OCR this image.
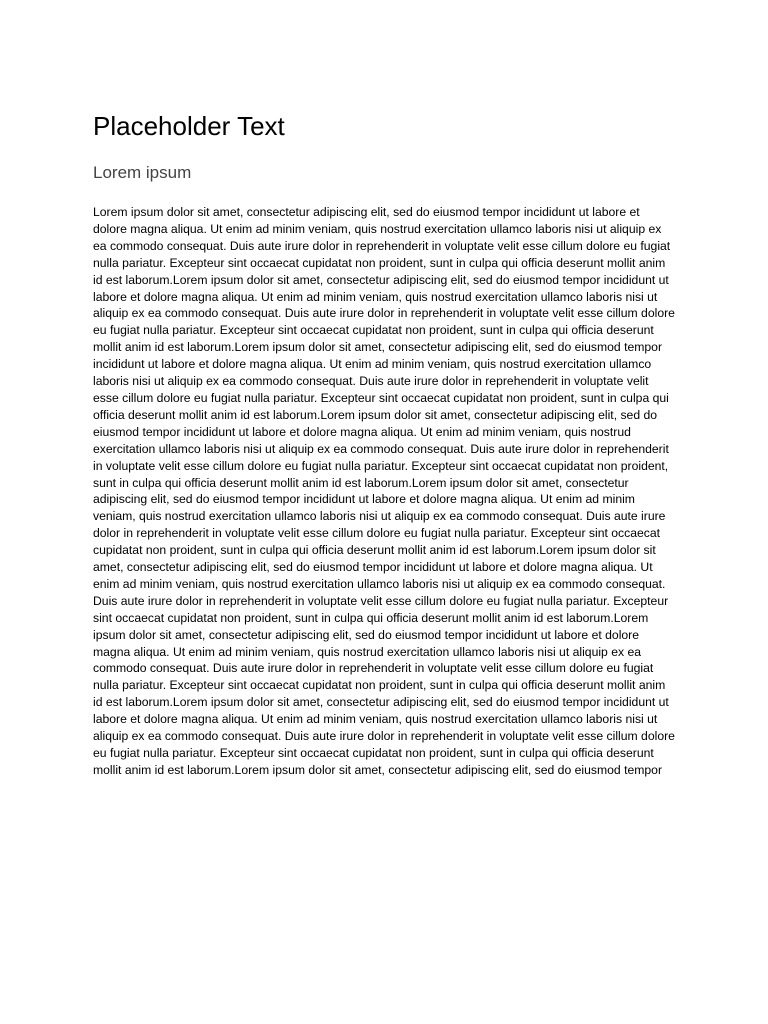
Placeholder Text
Lorem ipsum

Lorem ipsum dolor sit amet, consectetur adipiscing elit, sed do eiusmod tempor incididunt ut labore et dolore magna aliqua. Ut enim ad minim veniam, quis nostrud exercitation ullamco laboris nisi ut aliquip ex ea commodo consequat. Duis aute irure dolor in reprehenderit in voluptate velit esse cillum dolore eu fugiat nulla pariatur. Excepteur sint occaecat cupidatat non proident, sunt in culpa qui officia deserunt mollit anim id est laborum.Lorem ipsum dolor sit amet, consectetur adipiscing elit, sed do eiusmod tempor incididunt ut labore et dolore magna aliqua. Ut enim ad minim veniam, quis nostrud exercitation ullamco laboris nisi ut aliquip ex ea commodo consequat. Duis aute irure dolor in reprehenderit in voluptate velit esse cillum dolore eu fugiat nulla pariatur. Excepteur sint occaecat cupidatat non proident, sunt in culpa qui officia deserunt mollit anim id est laborum.Lorem ipsum dolor sit amet, consectetur adipiscing elit, sed do eiusmod tempor incididunt ut labore et dolore magna aliqua. Ut enim ad minim veniam, quis nostrud exercitation ullamco laboris nisi ut aliquip ex ea commodo consequat. Duis aute irure dolor in reprehenderit in voluptate velit esse cillum dolore eu fugiat nulla pariatur. Excepteur sint occaecat cupidatat non proident, sunt in culpa qui officia deserunt mollit anim id est laborum.Lorem ipsum dolor sit amet, consectetur adipiscing elit, sed do eiusmod tempor incididunt ut labore et dolore magna aliqua. Ut enim ad minim veniam, quis nostrud exercitation ullamco laboris nisi ut aliquip ex ea commodo consequat. Duis aute irure dolor in reprehenderit in voluptate velit esse cillum dolore eu fugiat nulla pariatur. Excepteur sint occaecat cupidatat non proident, sunt in culpa qui officia deserunt mollit anim id est laborum.Lorem ipsum dolor sit amet, consectetur adipiscing elit, sed do eiusmod tempor incididunt ut labore et dolore magna aliqua. Ut enim ad minim veniam, quis nostrud exercitation ullamco laboris nisi ut aliquip ex ea commodo consequat. Duis aute irure dolor in reprehenderit in voluptate velit esse cillum dolore eu fugiat nulla pariatur. Excepteur sint occaecat cupidatat non proident, sunt in culpa qui officia deserunt mollit anim id est laborum.Lorem ipsum dolor sit amet, consectetur adipiscing elit, sed do eiusmod tempor incididunt ut labore et dolore magna aliqua. Ut enim ad minim veniam, quis nostrud exercitation ullamco laboris nisi ut aliquip ex ea commodo consequat. Duis aute irure dolor in reprehenderit in voluptate velit esse cillum dolore eu fugiat nulla pariatur. Excepteur sint occaecat cupidatat non proident, sunt in culpa qui officia deserunt mollit anim id est laborum.Lorem ipsum dolor sit amet, consectetur adipiscing elit, sed do eiusmod tempor incididunt ut labore et dolore magna aliqua. Ut enim ad minim veniam, quis nostrud exercitation ullamco laboris nisi ut aliquip ex ea commodo consequat. Duis aute irure dolor in reprehenderit in voluptate velit esse cillum dolore eu fugiat nulla pariatur. Excepteur sint occaecat cupidatat non proident, sunt in culpa qui officia deserunt mollit anim id est laborum.Lorem ipsum dolor sit amet, consectetur adipiscing elit, sed do eiusmod tempor incididunt ut labore et dolore magna aliqua. Ut enim ad minim veniam, quis nostrud exercitation ullamco laboris nisi ut aliquip ex ea commodo consequat. Duis aute irure dolor in reprehenderit in voluptate velit esse cillum dolore eu fugiat nulla pariatur. Excepteur sint occaecat cupidatat non proident, sunt in culpa qui officia deserunt mollit anim id est laborum.Lorem ipsum dolor sit amet, consectetur adipiscing elit, sed do eiusmod tempor
